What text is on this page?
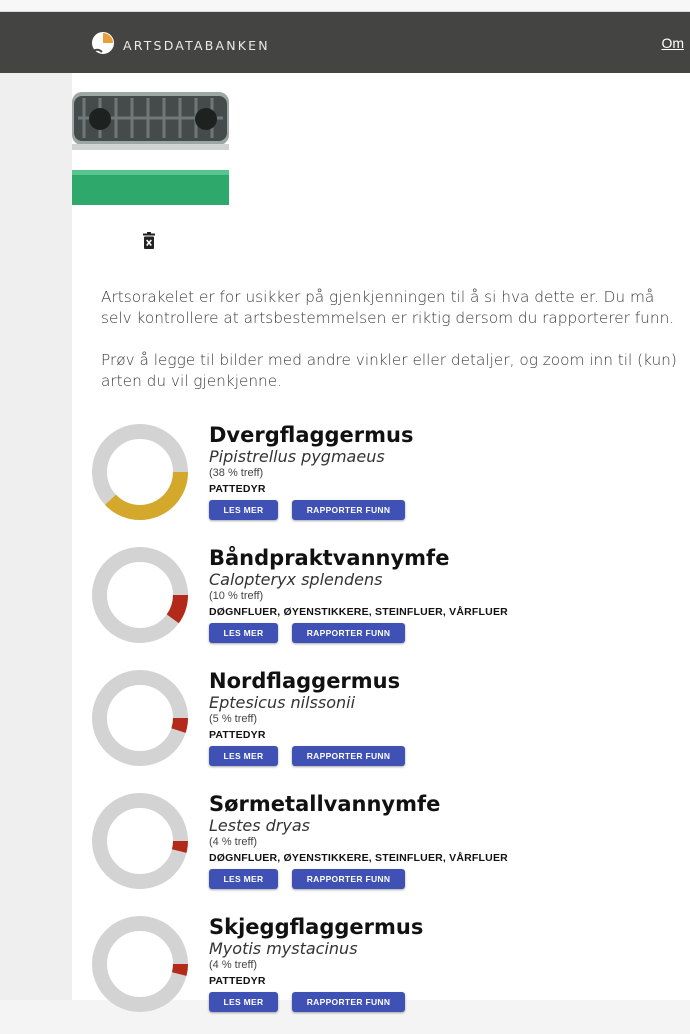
ARTSDATABANKEN	Om

Artsorakelet er for usikker på gjenkjenningen til å si hva dette er. Du må selv kontrollere at artsbestemmelsen er riktig dersom du rapporterer funn.

Prøv å legge til bilder med andre vinkler eller detaljer, og zoom inn til (kun) arten du vil gjenkjenne.

Dvergflaggermus
Pipistrellus pygmaeus
(38 % treff)
PATTEDYR
LES MER	RAPPORTER FUNN
Båndpraktvannymfe
Calopteryx splendens
(10 % treff)
DØGNFLUER, ØYENSTIKKERE, STEINFLUER, VÅRFLUER
LES MER	RAPPORTER FUNN
Nordflaggermus
Eptesicus nilssonii
(5 % treff)
PATTEDYR
LES MER	RAPPORTER FUNN
Sørmetallvannymfe
Lestes dryas
(4 % treff)
DØGNFLUER, ØYENSTIKKERE, STEINFLUER, VÅRFLUER
LES MER	RAPPORTER FUNN
Skjeggflaggermus
Myotis mystacinus
(4 % treff)
PATTEDYR
LES MER	RAPPORTER FUNN
